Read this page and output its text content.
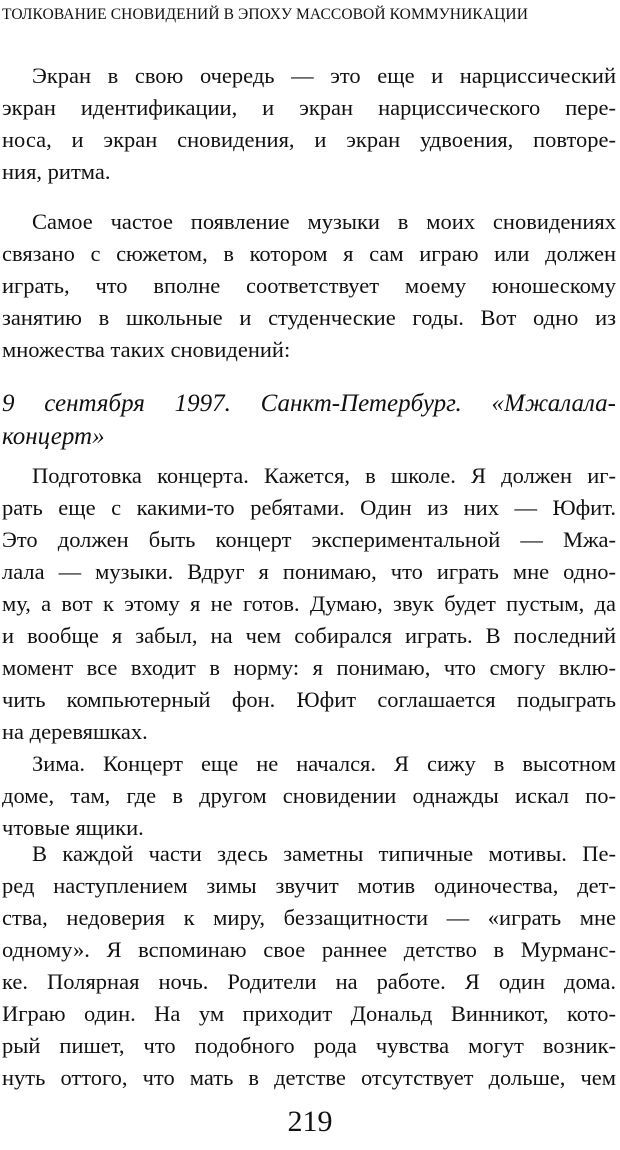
ТОЛКОВАНИЕ СНОВИДЕНИЙ В ЭПОХУ МАССОВОЙ КОММУНИКАЦИИ
Экран в свою очередь — это еще и нарциссический
экран идентификации, и экран нарциссического пере-
носа, и экран сновидения, и экран удвоения, повторе-
ния, ритма.
Самое частое появление музыки в моих сновидениях
связано с сюжетом, в котором я сам играю или должен
играть, что вполне соответствует моему юношескому
занятию в школьные и студенческие годы. Вот одно из
множества таких сновидений:
9 сентября 1997. Санкт-Петербург. «Мжалала-
концерт»
Подготовка концерта. Кажется, в школе. Я должен иг-
рать еще с какими-то ребятами. Один из них — Юфит.
Это должен быть концерт экспериментальной — Мжа-
лала — музыки. Вдруг я понимаю, что играть мне одно-
му, а вот к этому я не готов. Думаю, звук будет пустым, да
и вообще я забыл, на чем собирался играть. В последний
момент все входит в норму: я понимаю, что смогу вклю-
чить компьютерный фон. Юфит соглашается подыграть
на деревяшках.
Зима. Концерт еще не начался. Я сижу в высотном
доме, там, где в другом сновидении однажды искал по-
чтовые ящики.
В каждой части здесь заметны типичные мотивы. Пе-
ред наступлением зимы звучит мотив одиночества, дет-
ства, недоверия к миру, беззащитности — «играть мне
одному». Я вспоминаю свое раннее детство в Мурманс-
ке. Полярная ночь. Родители на работе. Я один дома.
Играю один. На ум приходит Дональд Винникот, кото-
рый пишет, что подобного рода чувства могут возник-
нуть оттого, что мать в детстве отсутствует дольше, чем
219
